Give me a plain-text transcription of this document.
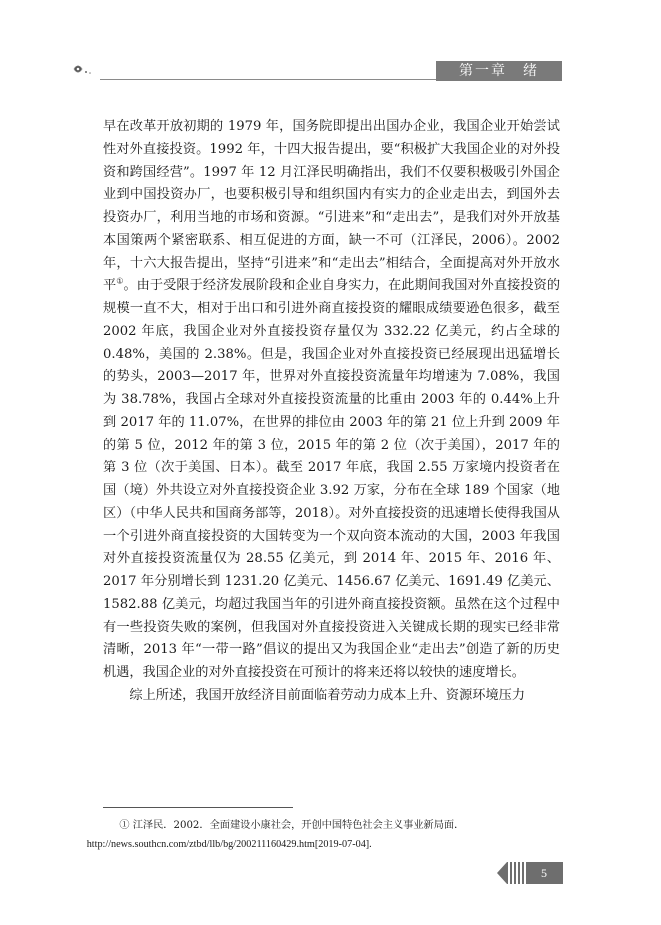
第一章　绪　　论

早在改革开放初期的 1979 年，国务院即提出出国办企业，我国企业开始尝试性对外直接投资。1992 年，十四大报告提出，要“积极扩大我国企业的对外投资和跨国经营”。1997 年 12 月江泽民明确指出，我们不仅要积极吸引外国企业到中国投资办厂，也要积极引导和组织国内有实力的企业走出去，到国外去投资办厂，利用当地的市场和资源。“引进来”和“走出去”，是我们对外开放基本国策两个紧密联系、相互促进的方面，缺一不可（江泽民，2006）。2002 年，十六大报告提出，坚持“引进来”和“走出去”相结合，全面提高对外开放水平①。由于受限于经济发展阶段和企业自身实力，在此期间我国对外直接投资的规模一直不大，相对于出口和引进外商直接投资的耀眼成绩要逊色很多，截至 2002 年底，我国企业对外直接投资存量仅为 332.22 亿美元，约占全球的 0.48%，美国的 2.38%。但是，我国企业对外直接投资已经展现出迅猛增长的势头，2003—2017 年，世界对外直接投资流量年均增速为 7.08%，我国为 38.78%，我国占全球对外直接投资流量的比重由 2003 年的 0.44%上升到 2017 年的 11.07%，在世界的排位由 2003 年的第 21 位上升到 2009 年的第 5 位，2012 年的第 3 位，2015 年的第 2 位（次于美国），2017 年的第 3 位（次于美国、日本）。截至 2017 年底，我国 2.55 万家境内投资者在国（境）外共设立对外直接投资企业 3.92 万家，分布在全球 189 个国家（地区）（中华人民共和国商务部等，2018）。对外直接投资的迅速增长使得我国从一个引进外商直接投资的大国转变为一个双向资本流动的大国，2003 年我国对外直接投资流量仅为 28.55 亿美元，到 2014 年、2015 年、2016 年、2017 年分别增长到 1231.20 亿美元、1456.67 亿美元、1691.49 亿美元、1582.88 亿美元，均超过我国当年的引进外商直接投资额。虽然在这个过程中有一些投资失败的案例，但我国对外直接投资进入关键成长期的现实已经非常清晰，2013 年“一带一路”倡议的提出又为我国企业“走出去”创造了新的历史机遇，我国企业的对外直接投资在可预计的将来还将以较快的速度增长。

综上所述，我国开放经济目前面临着劳动力成本上升、资源环境压力

① 江泽民．2002．全面建设小康社会，开创中国特色社会主义事业新局面．
http://news.southcn.com/ztbd/llb/bg/200211160429.htm[2019-07-04].

5
